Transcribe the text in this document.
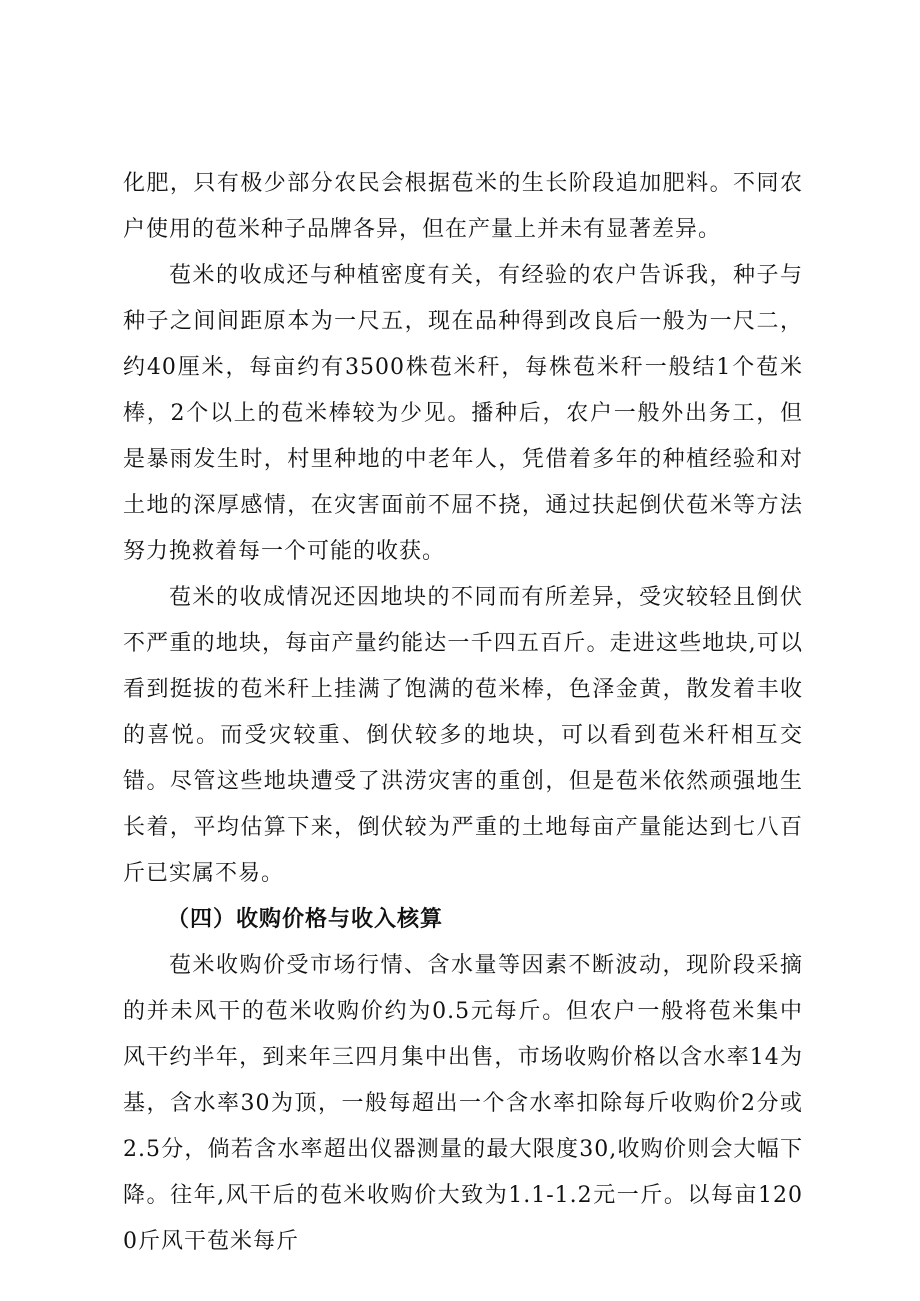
化肥，只有极少部分农民会根据苞米的生长阶段追加肥料。不同农户使用的苞米种子品牌各异，但在产量上并未有显著差异。

苞米的收成还与种植密度有关，有经验的农户告诉我，种子与种子之间间距原本为一尺五，现在品种得到改良后一般为一尺二，约40厘米，每亩约有3500株苞米秆，每株苞米秆一般结1个苞米棒，2个以上的苞米棒较为少见。播种后，农户一般外出务工，但是暴雨发生时，村里种地的中老年人，凭借着多年的种植经验和对土地的深厚感情，在灾害面前不屈不挠，通过扶起倒伏苞米等方法努力挽救着每一个可能的收获。

苞米的收成情况还因地块的不同而有所差异，受灾较轻且倒伏不严重的地块，每亩产量约能达一千四五百斤。走进这些地块,可以看到挺拔的苞米秆上挂满了饱满的苞米棒，色泽金黄，散发着丰收的喜悦。而受灾较重、倒伏较多的地块，可以看到苞米秆相互交错。尽管这些地块遭受了洪涝灾害的重创，但是苞米依然顽强地生长着，平均估算下来，倒伏较为严重的土地每亩产量能达到七八百斤已实属不易。

（四）收购价格与收入核算

苞米收购价受市场行情、含水量等因素不断波动，现阶段采摘的并未风干的苞米收购价约为0.5元每斤。但农户一般将苞米集中风干约半年，到来年三四月集中出售，市场收购价格以含水率14为基，含水率30为顶，一般每超出一个含水率扣除每斤收购价2分或2.5分，倘若含水率超出仪器测量的最大限度30,收购价则会大幅下降。往年,风干后的苞米收购价大致为1.1-1.2元一斤。以每亩1200斤风干苞米每斤
